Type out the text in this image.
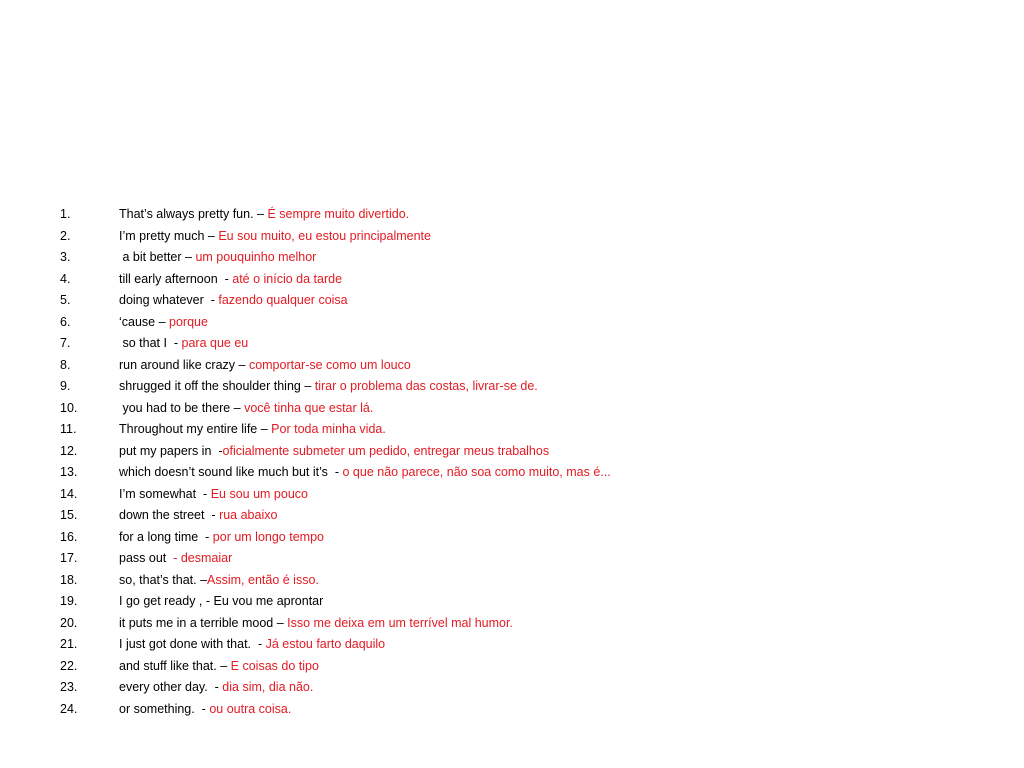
1.	That’s always pretty fun. – É sempre muito divertido.
2.	I’m pretty much – Eu sou muito, eu estou principalmente
3.	a bit better – um pouquinho melhor
4.	till early afternoon  - até o início da tarde
5.	doing whatever  - fazendo qualquer coisa
6.	‘cause – porque
7.	so that I  - para que eu
8.	run around like crazy – comportar-se como um louco
9.	shrugged it off the shoulder thing – tirar o problema das costas, livrar-se de.
10.	you had to be there – você tinha que estar lá.
11.	Throughout my entire life – Por toda minha vida.
12.	put my papers in  -oficialmente submeter um pedido, entregar meus trabalhos
13.	which doesn’t sound like much but it’s  - o que não parece, não soa como muito, mas é...
14.	I’m somewhat  - Eu sou um pouco
15.	down the street  - rua abaixo
16.	for a long time  - por um longo tempo
17.	pass out  - desmaiar
18.	so, that’s that. –Assim, então é isso.
19.	I go get ready , - Eu vou me aprontar
20.	it puts me in a terrible mood – Isso me deixa em um terrível mal humor.
21.	I just got done with that.  - Já estou farto daquilo
22.	and stuff like that. – E coisas do tipo
23.	every other day.  - dia sim, dia não.
24.	or something.  - ou outra coisa.
